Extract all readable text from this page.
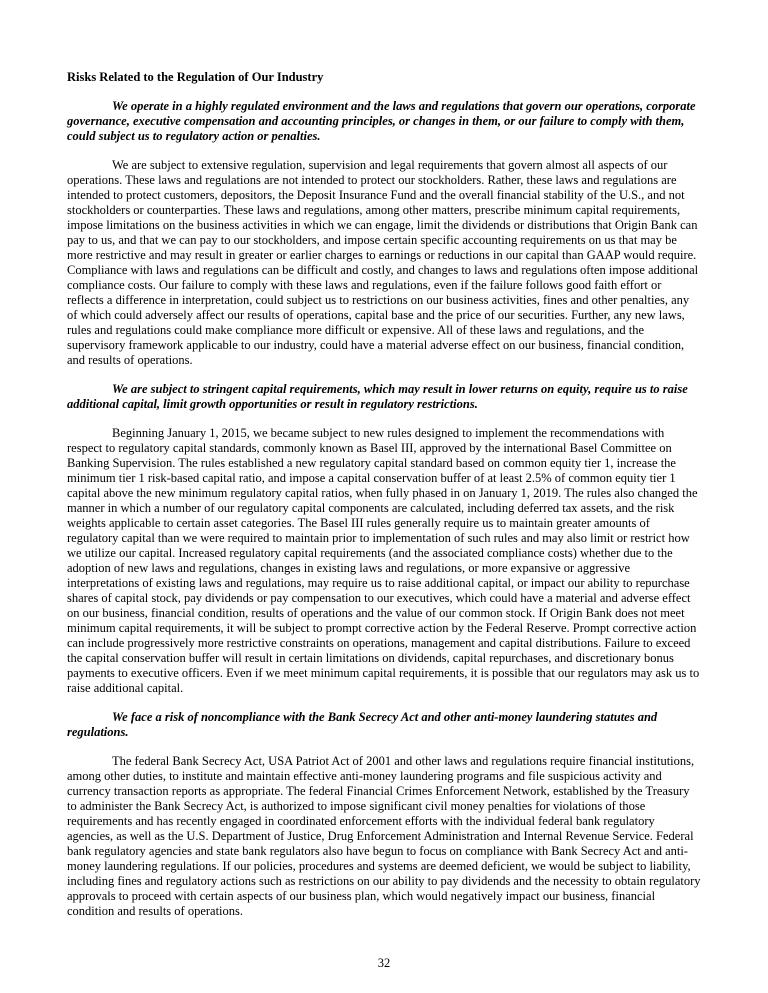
Risks Related to the Regulation of Our Industry

We operate in a highly regulated environment and the laws and regulations that govern our operations, corporate governance, executive compensation and accounting principles, or changes in them, or our failure to comply with them, could subject us to regulatory action or penalties.

We are subject to extensive regulation, supervision and legal requirements that govern almost all aspects of our operations. These laws and regulations are not intended to protect our stockholders. Rather, these laws and regulations are intended to protect customers, depositors, the Deposit Insurance Fund and the overall financial stability of the U.S., and not stockholders or counterparties. These laws and regulations, among other matters, prescribe minimum capital requirements, impose limitations on the business activities in which we can engage, limit the dividends or distributions that Origin Bank can pay to us, and that we can pay to our stockholders, and impose certain specific accounting requirements on us that may be more restrictive and may result in greater or earlier charges to earnings or reductions in our capital than GAAP would require. Compliance with laws and regulations can be difficult and costly, and changes to laws and regulations often impose additional compliance costs. Our failure to comply with these laws and regulations, even if the failure follows good faith effort or reflects a difference in interpretation, could subject us to restrictions on our business activities, fines and other penalties, any of which could adversely affect our results of operations, capital base and the price of our securities. Further, any new laws, rules and regulations could make compliance more difficult or expensive. All of these laws and regulations, and the supervisory framework applicable to our industry, could have a material adverse effect on our business, financial condition, and results of operations.

We are subject to stringent capital requirements, which may result in lower returns on equity, require us to raise additional capital, limit growth opportunities or result in regulatory restrictions.

Beginning January 1, 2015, we became subject to new rules designed to implement the recommendations with respect to regulatory capital standards, commonly known as Basel III, approved by the international Basel Committee on Banking Supervision. The rules established a new regulatory capital standard based on common equity tier 1, increase the minimum tier 1 risk-based capital ratio, and impose a capital conservation buffer of at least 2.5% of common equity tier 1 capital above the new minimum regulatory capital ratios, when fully phased in on January 1, 2019. The rules also changed the manner in which a number of our regulatory capital components are calculated, including deferred tax assets, and the risk weights applicable to certain asset categories. The Basel III rules generally require us to maintain greater amounts of regulatory capital than we were required to maintain prior to implementation of such rules and may also limit or restrict how we utilize our capital. Increased regulatory capital requirements (and the associated compliance costs) whether due to the adoption of new laws and regulations, changes in existing laws and regulations, or more expansive or aggressive interpretations of existing laws and regulations, may require us to raise additional capital, or impact our ability to repurchase shares of capital stock, pay dividends or pay compensation to our executives, which could have a material and adverse effect on our business, financial condition, results of operations and the value of our common stock. If Origin Bank does not meet minimum capital requirements, it will be subject to prompt corrective action by the Federal Reserve. Prompt corrective action can include progressively more restrictive constraints on operations, management and capital distributions. Failure to exceed the capital conservation buffer will result in certain limitations on dividends, capital repurchases, and discretionary bonus payments to executive officers. Even if we meet minimum capital requirements, it is possible that our regulators may ask us to raise additional capital.

We face a risk of noncompliance with the Bank Secrecy Act and other anti-money laundering statutes and regulations.

The federal Bank Secrecy Act, USA Patriot Act of 2001 and other laws and regulations require financial institutions, among other duties, to institute and maintain effective anti-money laundering programs and file suspicious activity and currency transaction reports as appropriate. The federal Financial Crimes Enforcement Network, established by the Treasury to administer the Bank Secrecy Act, is authorized to impose significant civil money penalties for violations of those requirements and has recently engaged in coordinated enforcement efforts with the individual federal bank regulatory agencies, as well as the U.S. Department of Justice, Drug Enforcement Administration and Internal Revenue Service. Federal bank regulatory agencies and state bank regulators also have begun to focus on compliance with Bank Secrecy Act and anti-money laundering regulations. If our policies, procedures and systems are deemed deficient, we would be subject to liability, including fines and regulatory actions such as restrictions on our ability to pay dividends and the necessity to obtain regulatory approvals to proceed with certain aspects of our business plan, which would negatively impact our business, financial condition and results of operations.

32
